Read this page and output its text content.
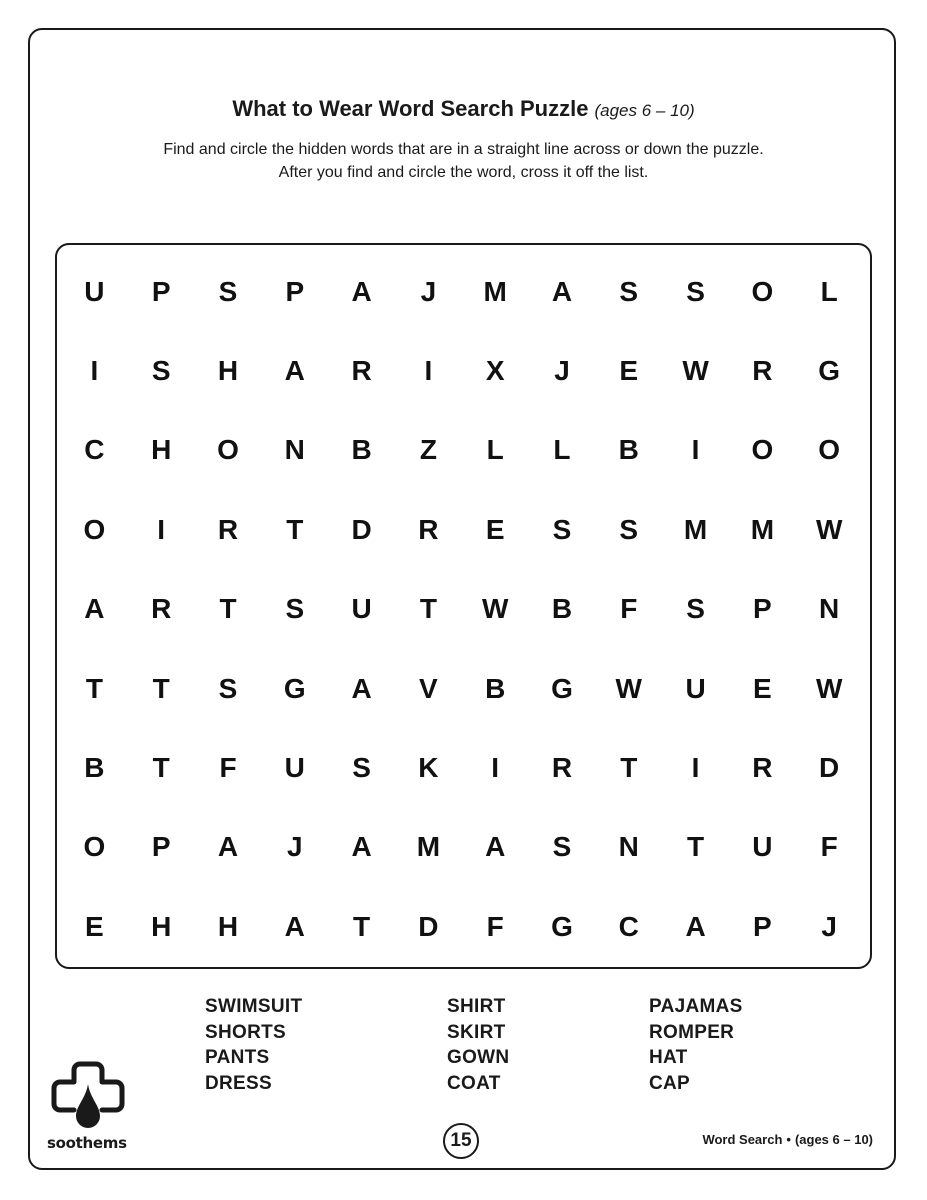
What to Wear Word Search Puzzle (ages 6 – 10)
Find and circle the hidden words that are in a straight line across or down the puzzle.
After you find and circle the word, cross it off the list.
U	P	S	P	A	J	M	A	S	S	O	L
I	S	H	A	R	I	X	J	E	W	R	G
C	H	O	N	B	Z	L	L	B	I	O	O
O	I	R	T	D	R	E	S	S	M	M	W
A	R	T	S	U	T	W	B	F	S	P	N
T	T	S	G	A	V	B	G	W	U	E	W
B	T	F	U	S	K	I	R	T	I	R	D
O	P	A	J	A	M	A	S	N	T	U	F
E	H	H	A	T	D	F	G	C	A	P	J
SWIMSUIT
SHORTS
PANTS
DRESS
SHIRT
SKIRT
GOWN
COAT
PAJAMAS
ROMPER
HAT
CAP
soothems	15	Word Search • (ages 6 – 10)
